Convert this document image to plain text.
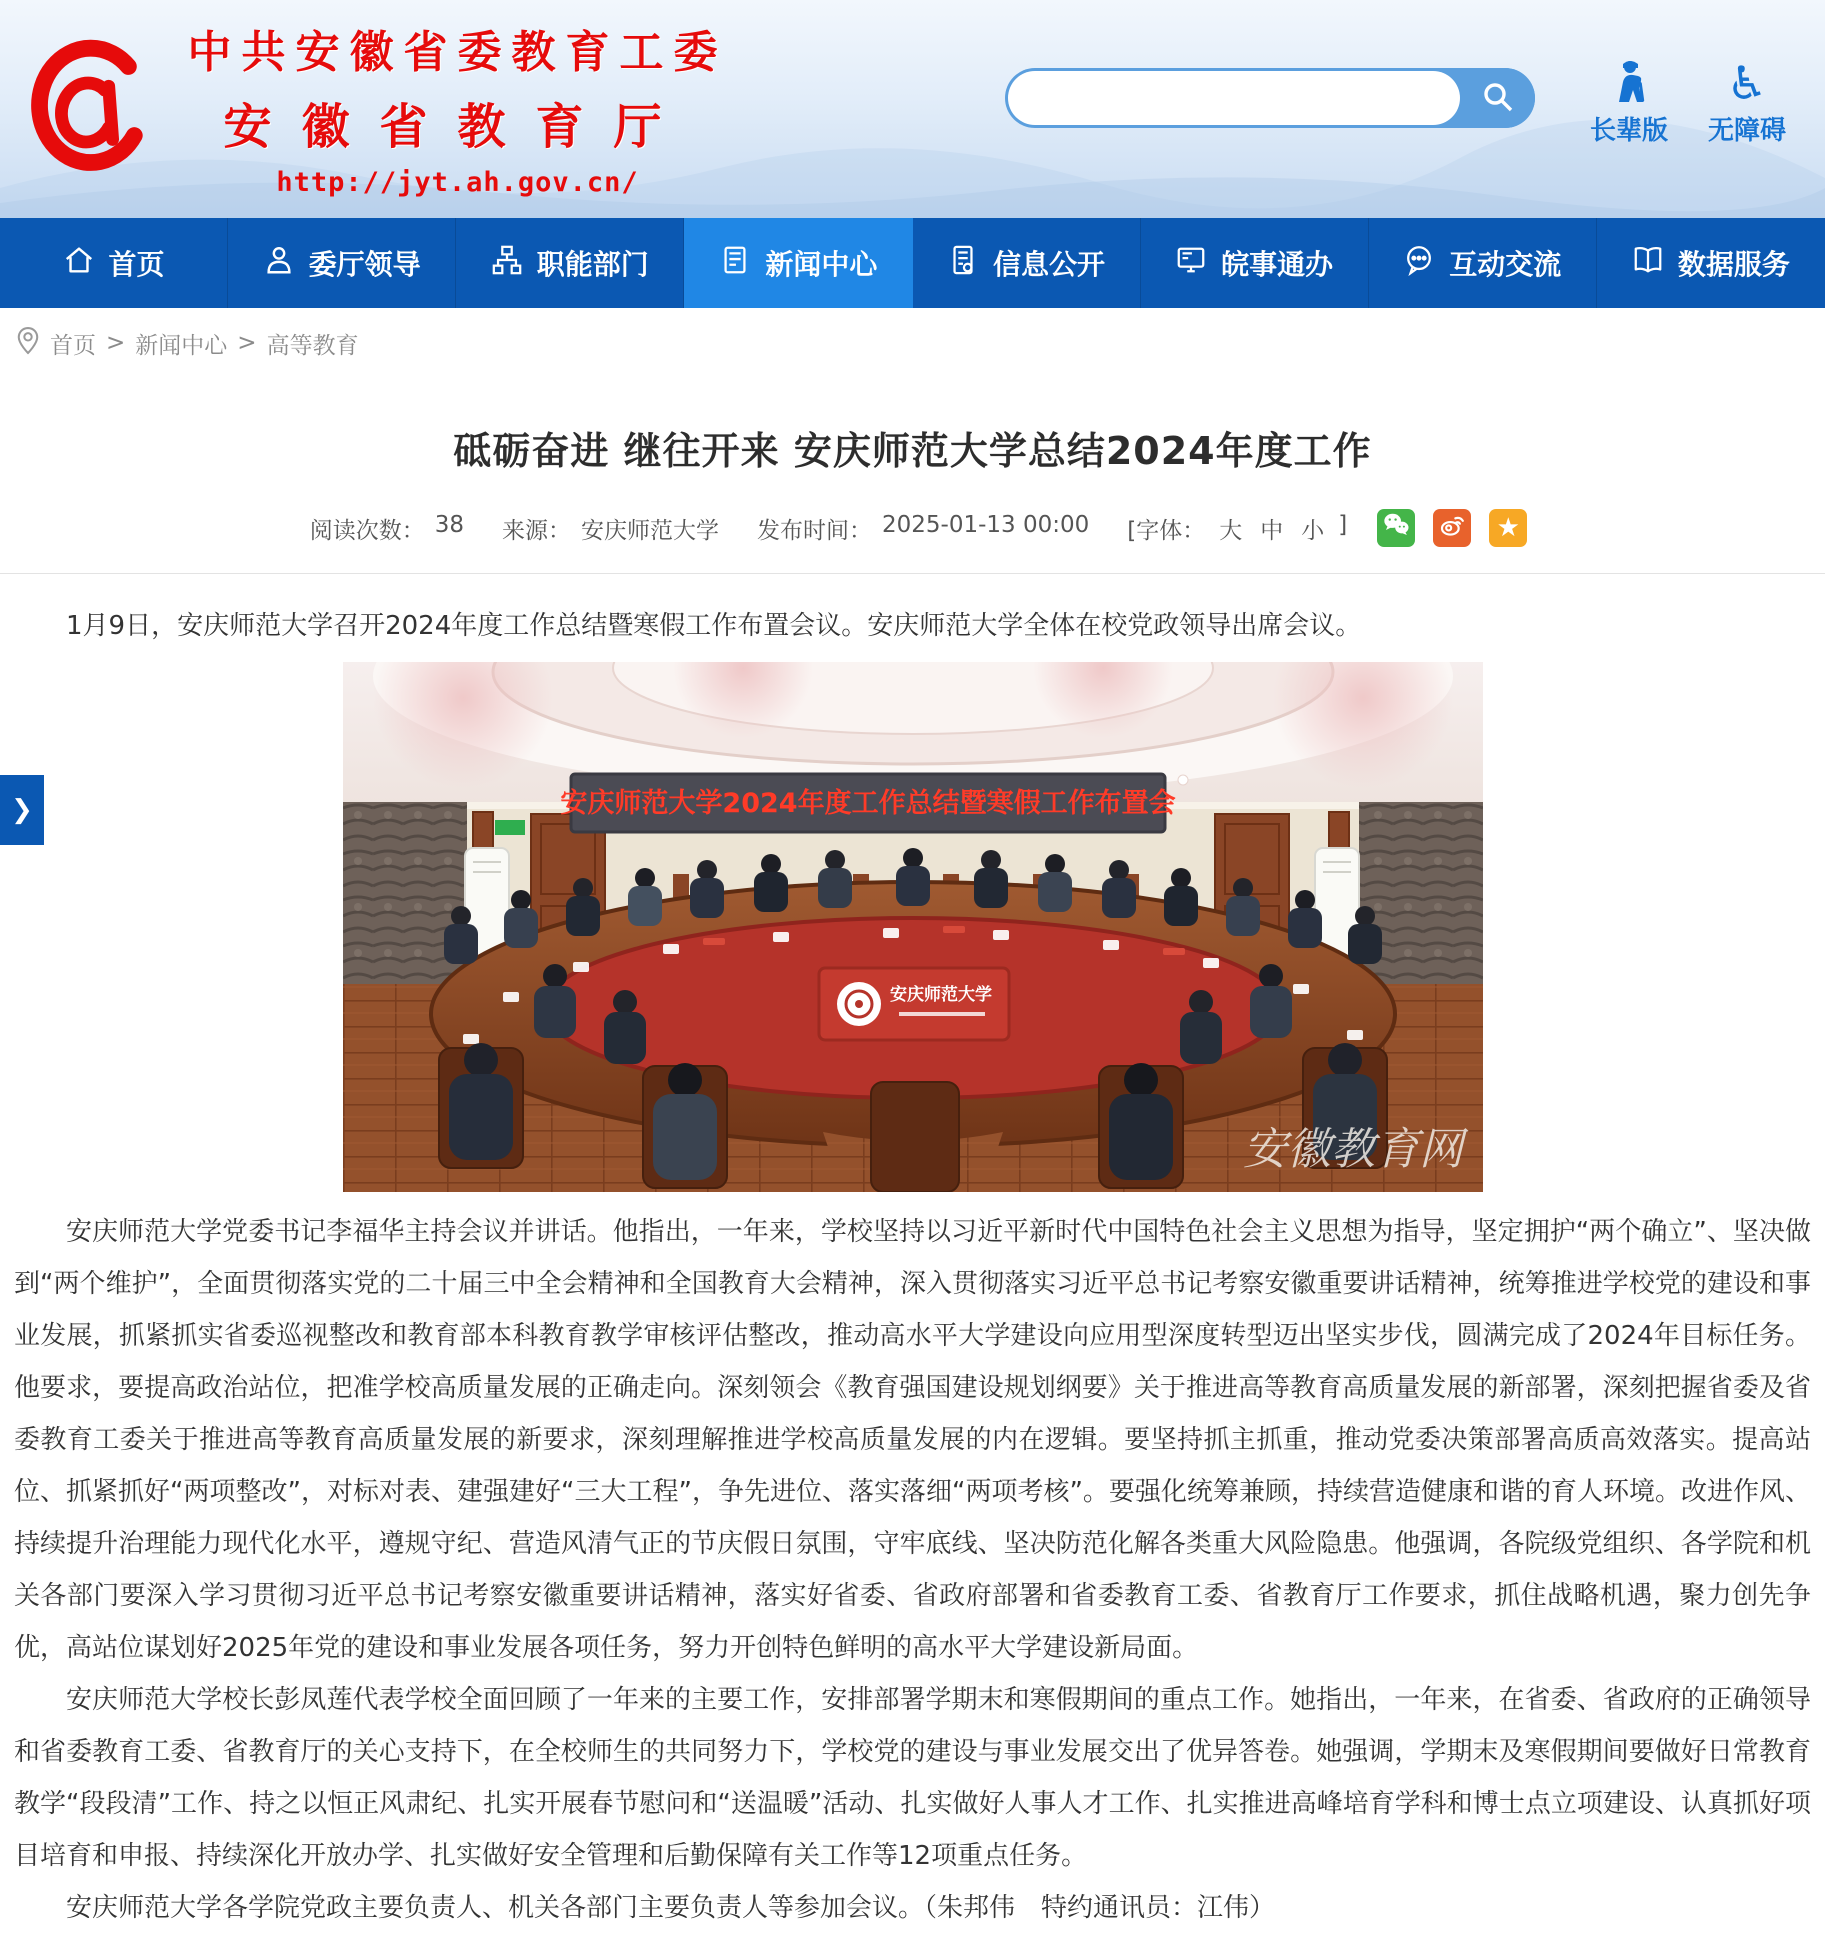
中共安徽省委教育工委
安徽省教育厅
http://jyt.ah.gov.cn/
长辈版
♿
无障碍
首页	委厅领导	职能部门	新闻中心	信息公开	皖事通办	互动交流	数据服务
首页 > 新闻中心 > 高等教育
砥砺奋进 继往开来 安庆师范大学总结2024年度工作
阅读次数： 38 来源： 安庆师范大学 发布时间： 2025-01-13 00:00 [字体： 大 中 小 ]	★

1月9日，安庆师范大学召开2024年度工作总结暨寒假工作布置会议。安庆师范大学全体在校党政领导出席会议。

安庆师范大学2024年度工作总结暨寒假工作布置会
安庆师范大学
安徽教育网

安庆师范大学党委书记李福华主持会议并讲话。他指出，一年来，学校坚持以习近平新时代中国特色社会主义思想为指导，坚定拥护“两个确立”、坚决做到“两个维护”，全面贯彻落实党的二十届三中全会精神和全国教育大会精神，深入贯彻落实习近平总书记考察安徽重要讲话精神，统筹推进学校党的建设和事业发展，抓紧抓实省委巡视整改和教育部本科教育教学审核评估整改，推动高水平大学建设向应用型深度转型迈出坚实步伐，圆满完成了2024年目标任务。他要求，要提高政治站位，把准学校高质量发展的正确走向。深刻领会《教育强国建设规划纲要》关于推进高等教育高质量发展的新部署，深刻把握省委及省委教育工委关于推进高等教育高质量发展的新要求，深刻理解推进学校高质量发展的内在逻辑。要坚持抓主抓重，推动党委决策部署高质高效落实。提高站位、抓紧抓好“两项整改”，对标对表、建强建好“三大工程”，争先进位、落实落细“两项考核”。要强化统筹兼顾，持续营造健康和谐的育人环境。改进作风、持续提升治理能力现代化水平，遵规守纪、营造风清气正的节庆假日氛围，守牢底线、坚决防范化解各类重大风险隐患。他强调，各院级党组织、各学院和机关各部门要深入学习贯彻习近平总书记考察安徽重要讲话精神，落实好省委、省政府部署和省委教育工委、省教育厅工作要求，抓住战略机遇，聚力创先争优，高站位谋划好2025年党的建设和事业发展各项任务，努力开创特色鲜明的高水平大学建设新局面。

安庆师范大学校长彭凤莲代表学校全面回顾了一年来的主要工作，安排部署学期末和寒假期间的重点工作。她指出，一年来，在省委、省政府的正确领导和省委教育工委、省教育厅的关心支持下，在全校师生的共同努力下，学校党的建设与事业发展交出了优异答卷。她强调，学期末及寒假期间要做好日常教育教学“段段清”工作、持之以恒正风肃纪、扎实开展春节慰问和“送温暖”活动、扎实做好人事人才工作、扎实推进高峰培育学科和博士点立项建设、认真抓好项目培育和申报、持续深化开放办学、扎实做好安全管理和后勤保障有关工作等12项重点任务。

安庆师范大学各学院党政主要负责人、机关各部门主要负责人等参加会议。（朱邦伟　特约通讯员：江伟）

❯
